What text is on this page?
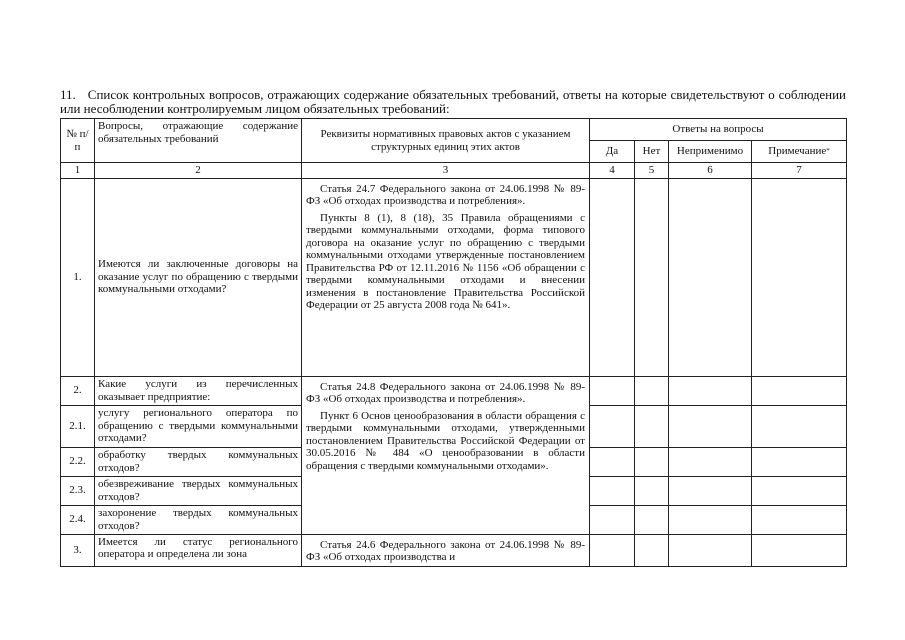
11. Список контрольных вопросов, отражающих содержание обязательных требований, ответы на которые свидетельствуют о соблюдении или несоблюдении контролируемым лицом обязательных требований:
№ п/п	Вопросы, отражающие содержание обязательных требований	Реквизиты нормативных правовых актов с указанием структурных единиц этих актов	Ответы на вопросы			
			Да	Нет	Неприменимо	Примечание*
1	2	3	4	5	6	7
1.	Имеются ли заключенные договоры на оказание услуг по обращению с твердыми коммунальными отходами?	Статья 24.7 Федерального закона от 24.06.1998 № 89-ФЗ «Об отходах производства и потребления».

Пункты 8 (1), 8 (18), 35 Правила обращениями с твердыми коммунальными отходами, форма типового договора на оказание услуг по обращению с твердыми коммунальными отходами утвержденные постановлением Правительства РФ от 12.11.2016 № 1156 «Об обращении с твердыми коммунальными отходами и внесении изменения в постановление Правительства Российской Федерации от 25 августа 2008 года № 641».				

2.	Какие услуги из перечисленных оказывает предприятие:	Статья 24.8 Федерального закона от 24.06.1998 № 89-ФЗ «Об отходах производства и потребления».

Пункт 6 Основ ценообразования в области обращения с твердыми коммунальными отходами, утвержденными постановлением Правительства Российской Федерации от 30.05.2016 № 484 «О ценообразовании в области обращения с твердыми коммунальными отходами».				

2.1.	услугу регионального оператора по обращению с твердыми коммунальными отходами?					
2.2.	обработку твердых коммунальных отходов?					
2.3.	обезвреживание твердых коммунальных отходов?					
2.4.	захоронение твердых коммунальных отходов?					
3.	Имеется ли статус регионального оператора и определена ли зона	Статья 24.6 Федерального закона от 24.06.1998 № 89-ФЗ «Об отходах производства и				
